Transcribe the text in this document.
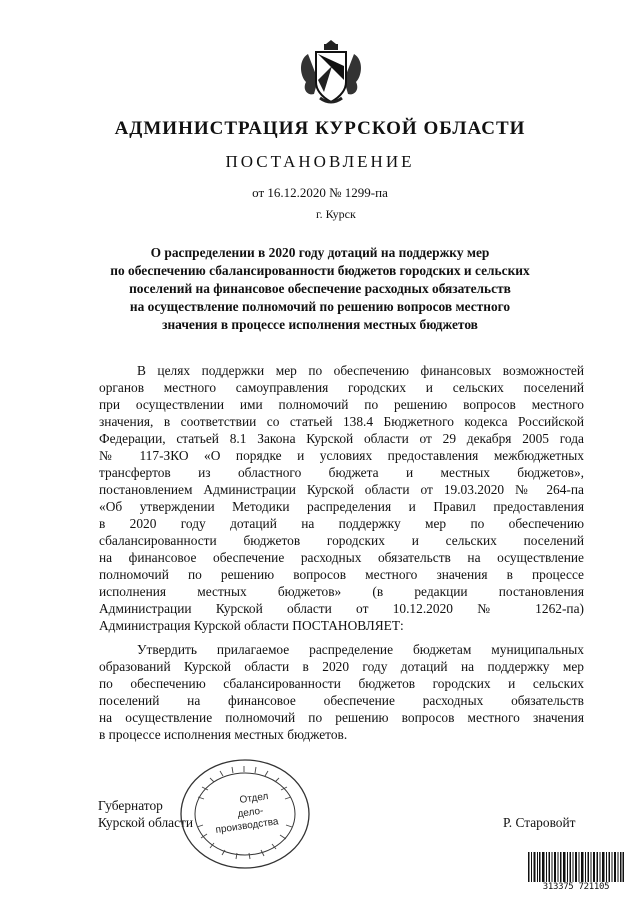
АДМИНИСТРАЦИЯ КУРСКОЙ ОБЛАСТИ
ПОСТАНОВЛЕНИЕ
от 16.12.2020 № 1299-па
г. Курск
О распределении в 2020 году дотаций на поддержку мер
по обеспечению сбалансированности бюджетов городских и сельских
поселений на финансовое обеспечение расходных обязательств
на осуществление полномочий по решению вопросов местного
значения в процессе исполнения местных бюджетов
В целях поддержки мер по обеспечению финансовых возможностей
органов местного самоуправления городских и сельских поселений
при осуществлении ими полномочий по решению вопросов местного
значения, в соответствии со статьей 138.4 Бюджетного кодекса Российской
Федерации, статьей 8.1 Закона Курской области от 29 декабря 2005 года
№ 117-ЗКО «О порядке и условиях предоставления межбюджетных
трансфертов из областного бюджета и местных бюджетов»,
постановлением Администрации Курской области от 19.03.2020 № 264-па
«Об утверждении Методики распределения и Правил предоставления
в 2020 году дотаций на поддержку мер по обеспечению
сбалансированности бюджетов городских и сельских поселений
на финансовое обеспечение расходных обязательств на осуществление
полномочий по решению вопросов местного значения в процессе
исполнения местных бюджетов» (в редакции постановления
Администрации Курской области от 10.12.2020 № 1262-па)
Администрация Курской области ПОСТАНОВЛЯЕТ:
Утвердить прилагаемое распределение бюджетам муниципальных
образований Курской области в 2020 году дотаций на поддержку мер
по обеспечению сбалансированности бюджетов городских и сельских
поселений на финансовое обеспечение расходных обязательств
на осуществление полномочий по решению вопросов местного значения
в процессе исполнения местных бюджетов.
Губернатор
Курской области	Р. Старовойт
Отдел
дело-
производства
313375 721105
